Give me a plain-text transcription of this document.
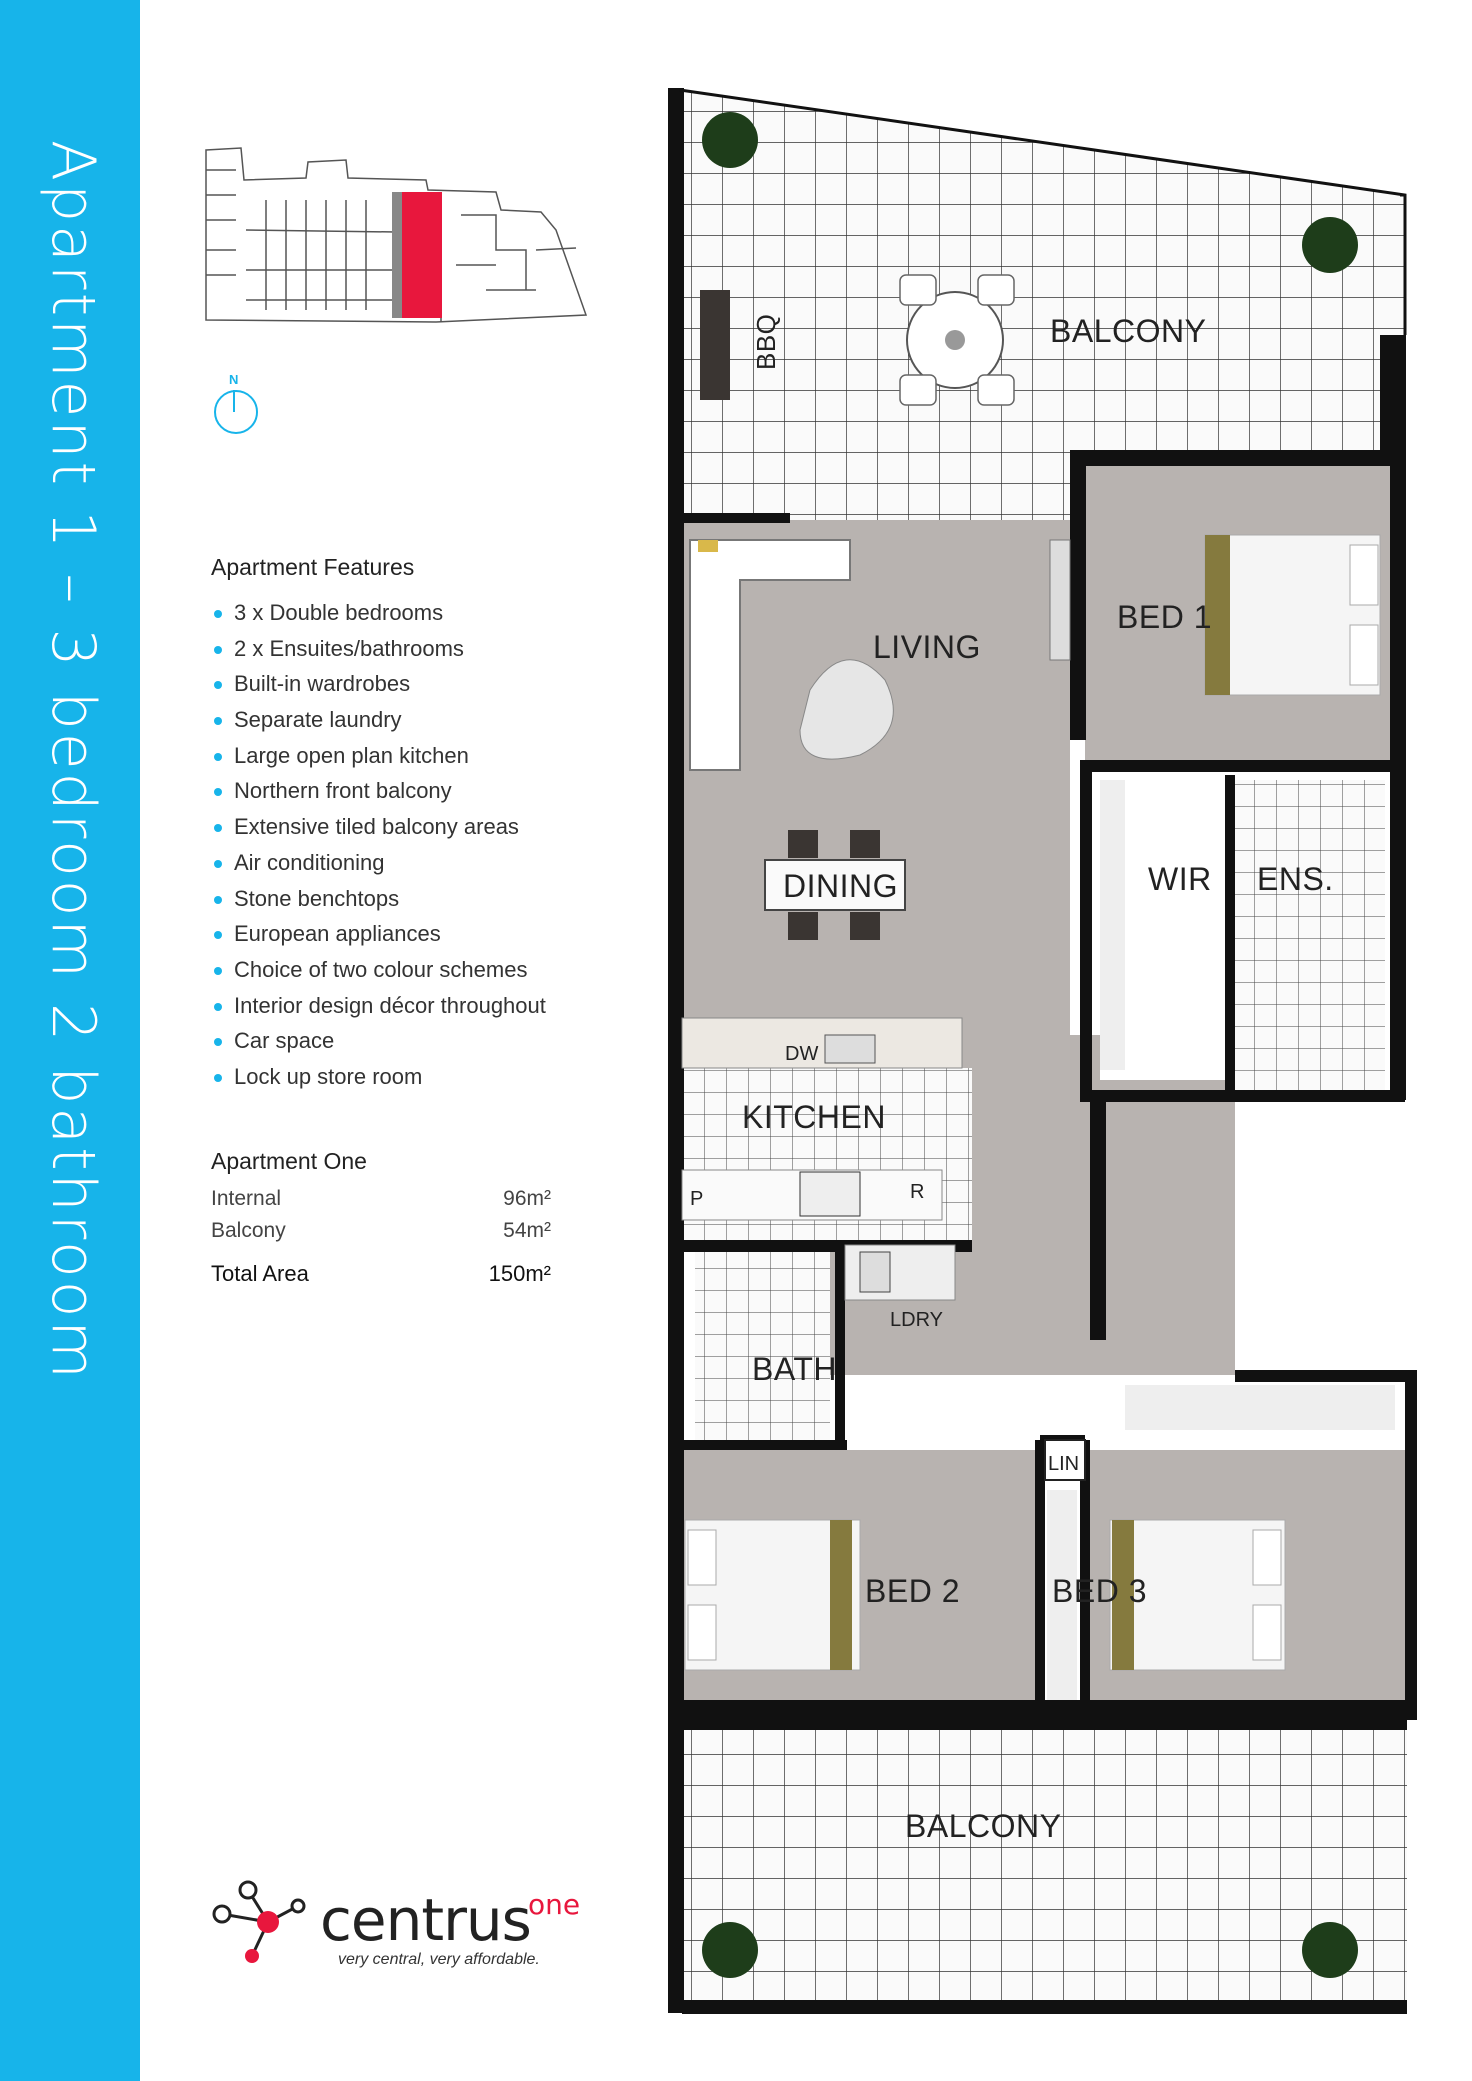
Apartment 1 – 3 bedroom 2 bathroom	N
Apartment Features
3 x Double bedrooms
2 x Ensuites/bathrooms
Built-in wardrobes
Separate laundry
Large open plan kitchen
Northern front balcony
Extensive tiled balcony areas
Air conditioning
Stone benchtops
European appliances
Choice of two colour schemes
Interior design décor throughout
Car space
Lock up store room
Apartment One
Internal	96m²
Balcony	54m²
Total Area	150m²
DW
P	R
BALCONY
BBQ
LIVING
BED 1
DINING	WIR ENS.
KITCHEN
LDRY
BATH
LIN
BED 2	BED 3
BALCONY
centrus
one
very central, very affordable.
